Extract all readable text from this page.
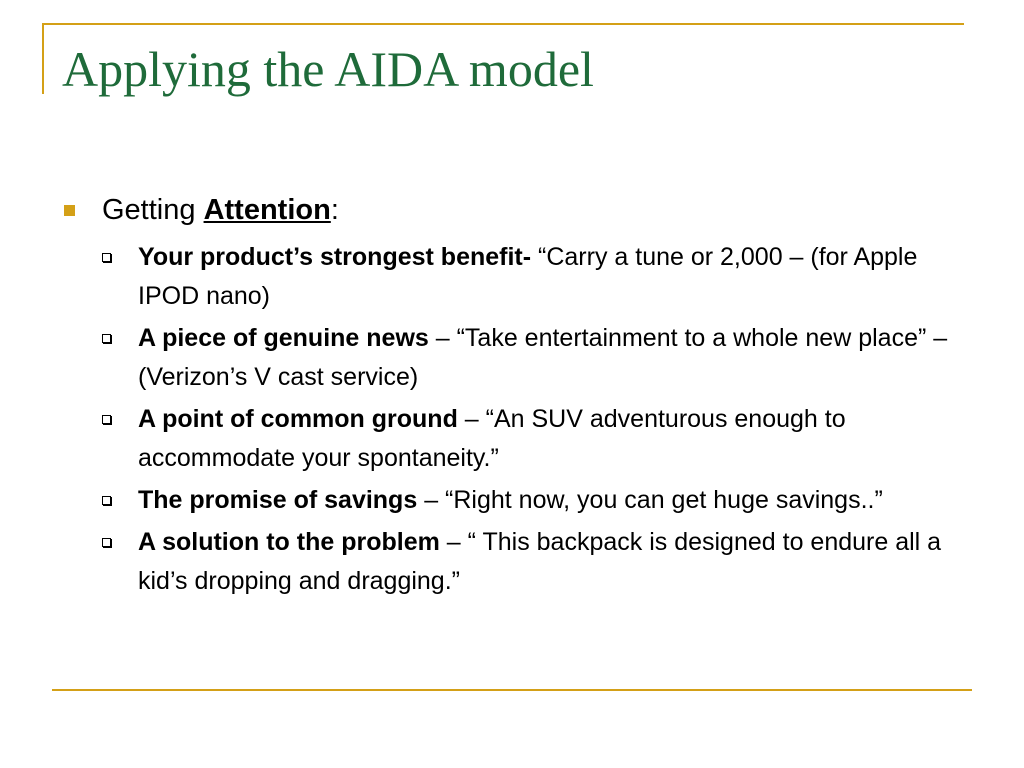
Applying the AIDA model
Getting Attention:
Your product’s strongest benefit- “Carry a tune or 2,000 – (for Apple IPOD nano)
A piece of genuine news – “Take entertainment to a whole new place” – (Verizon’s V cast service)
A point of common ground – “An SUV adventurous enough to accommodate your spontaneity.”
The promise of savings – “Right now, you can get huge savings..”
A solution to the problem – “ This backpack is designed to endure all a kid’s dropping and dragging.”
